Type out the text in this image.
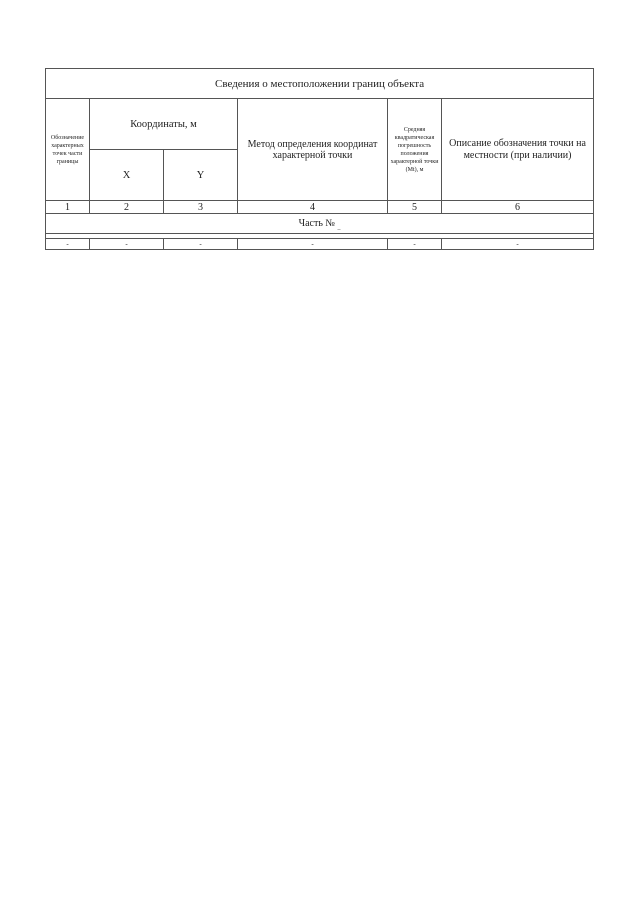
Сведения о местоположении границ объекта					
Обозначение характерных точек части границы	Координаты, м		Метод определения координат характерной точки	Средняя квадратическая погрешность положения характерной точки (Mt), м	Описание обозначения точки на местности (при наличии)
	X	Y			
1	2	3	4	5	6
Часть № $_{\_}$

-	-	-	-	-	-
